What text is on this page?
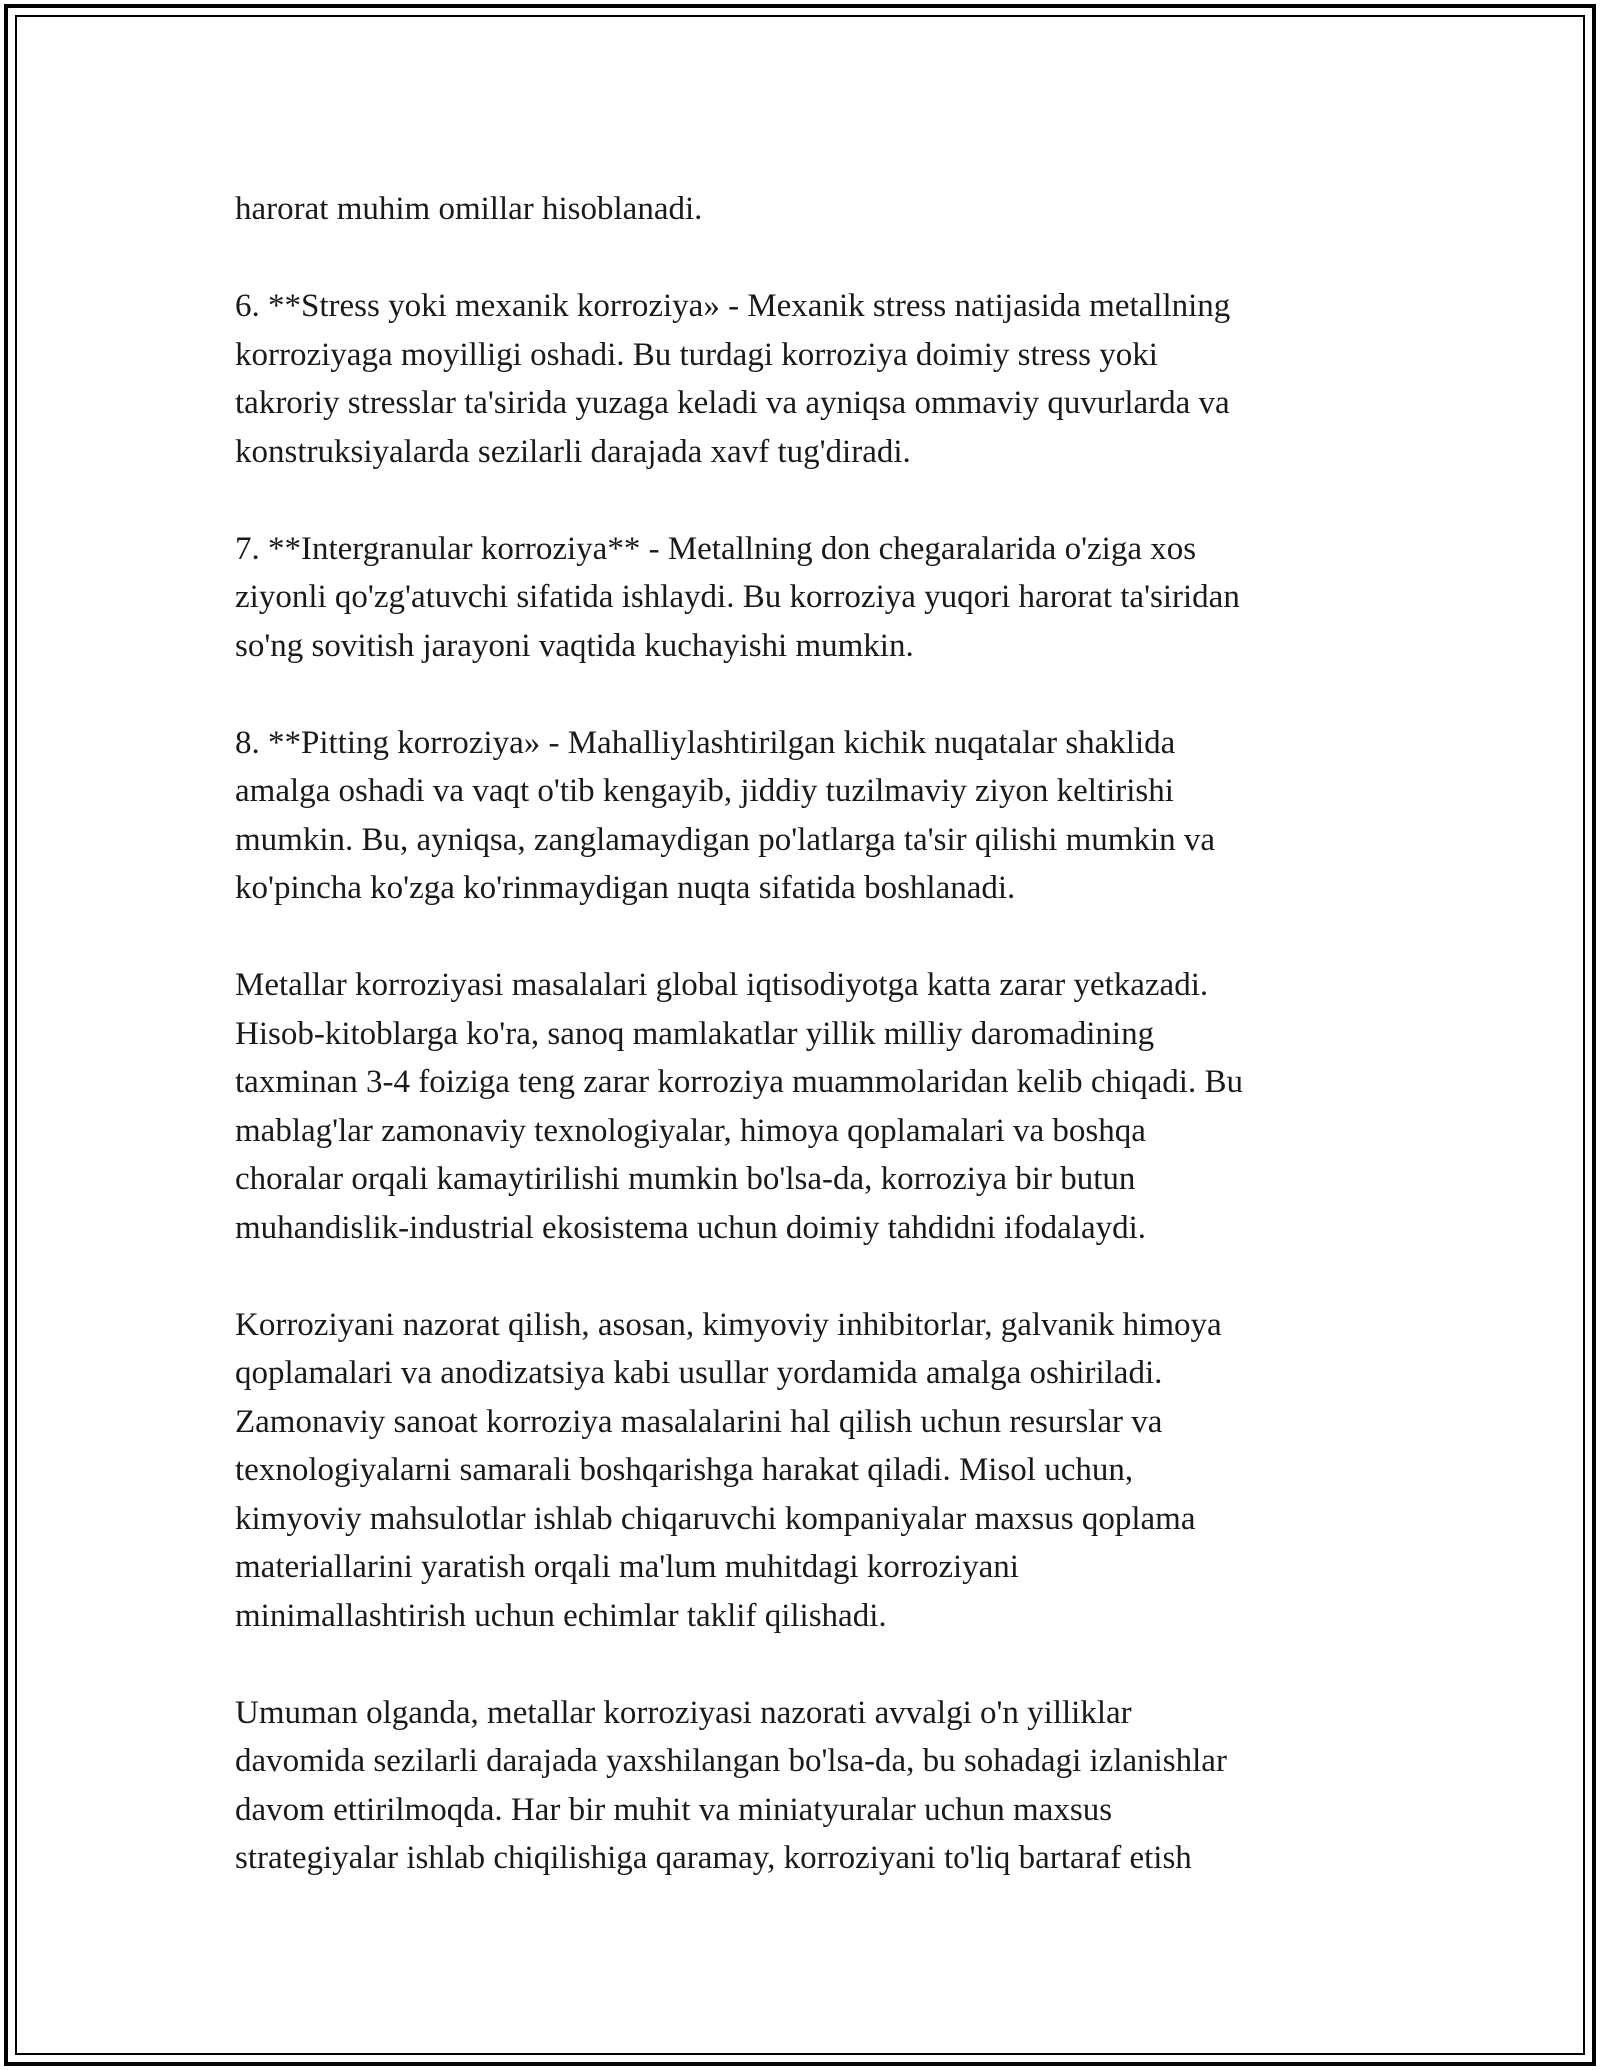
harorat muhim omillar hisoblanadi.

6. **Stress yoki mexanik korroziya» - Mexanik stress natijasida metallning
korroziyaga moyilligi oshadi. Bu turdagi korroziya doimiy stress yoki
takroriy stresslar ta'sirida yuzaga keladi va ayniqsa ommaviy quvurlarda va
konstruksiyalarda sezilarli darajada xavf tug'diradi.

7. **Intergranular korroziya** - Metallning don chegaralarida o'ziga xos
ziyonli qo'zg'atuvchi sifatida ishlaydi. Bu korroziya yuqori harorat ta'siridan
so'ng sovitish jarayoni vaqtida kuchayishi mumkin.

8. **Pitting korroziya» - Mahalliylashtirilgan kichik nuqatalar shaklida
amalga oshadi va vaqt o'tib kengayib, jiddiy tuzilmaviy ziyon keltirishi
mumkin. Bu, ayniqsa, zanglamaydigan po'latlarga ta'sir qilishi mumkin va
ko'pincha ko'zga ko'rinmaydigan nuqta sifatida boshlanadi.

Metallar korroziyasi masalalari global iqtisodiyotga katta zarar yetkazadi.
Hisob-kitoblarga ko'ra, sanoq mamlakatlar yillik milliy daromadining
taxminan 3-4 foiziga teng zarar korroziya muammolaridan kelib chiqadi. Bu
mablag'lar zamonaviy texnologiyalar, himoya qoplamalari va boshqa
choralar orqali kamaytirilishi mumkin bo'lsa-da, korroziya bir butun
muhandislik-industrial ekosistema uchun doimiy tahdidni ifodalaydi.

Korroziyani nazorat qilish, asosan, kimyoviy inhibitorlar, galvanik himoya
qoplamalari va anodizatsiya kabi usullar yordamida amalga oshiriladi.
Zamonaviy sanoat korroziya masalalarini hal qilish uchun resurslar va
texnologiyalarni samarali boshqarishga harakat qiladi. Misol uchun,
kimyoviy mahsulotlar ishlab chiqaruvchi kompaniyalar maxsus qoplama
materiallarini yaratish orqali ma'lum muhitdagi korroziyani
minimallashtirish uchun echimlar taklif qilishadi.

Umuman olganda, metallar korroziyasi nazorati avvalgi o'n yilliklar
davomida sezilarli darajada yaxshilangan bo'lsa-da, bu sohadagi izlanishlar
davom ettirilmoqda. Har bir muhit va miniatyuralar uchun maxsus
strategiyalar ishlab chiqilishiga qaramay, korroziyani to'liq bartaraf etish
